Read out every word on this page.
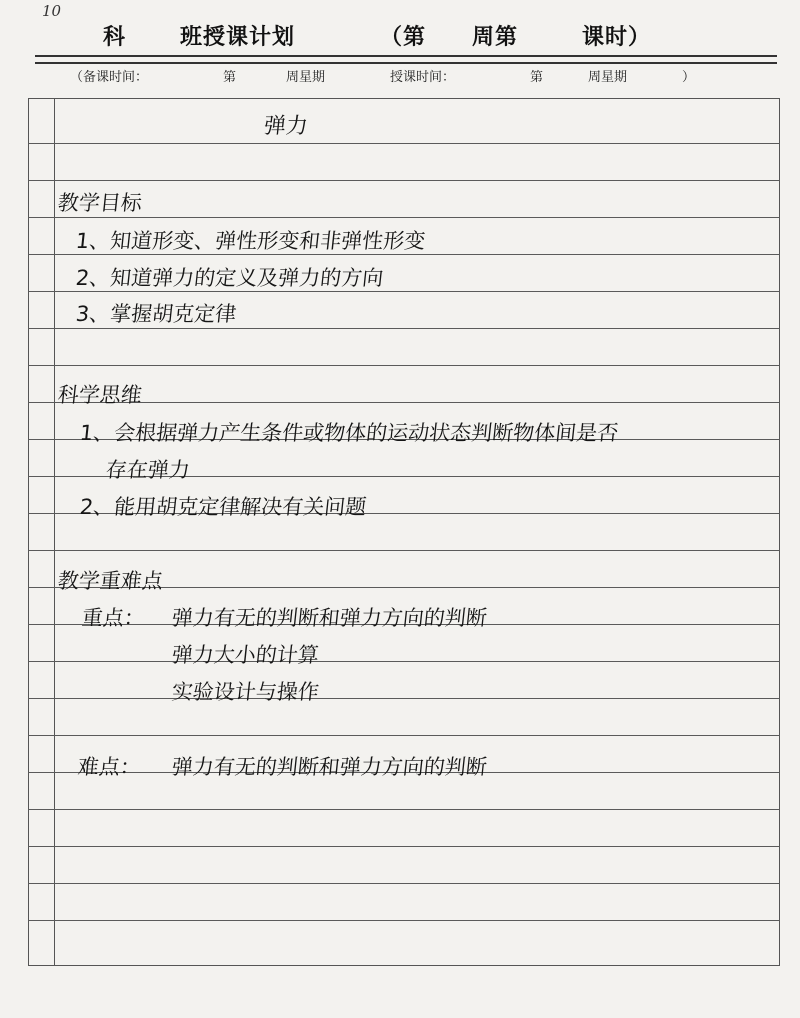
10
科 班授课计划	（第 周第	课时）
（备课时间：	第	周星期	授课时间：	第	周星期	）
弹力
教学目标
1、知道形变、弹性形变和非弹性形变
2、知道弹力的定义及弹力的方向
3、掌握胡克定律
科学思维
1、会根据弹力产生条件或物体的运动状态判断物体间是否
存在弹力
2、能用胡克定律解决有关问题
教学重难点
重点： 弹力有无的判断和弹力方向的判断
弹力大小的计算
实验设计与操作
难点： 弹力有无的判断和弹力方向的判断
